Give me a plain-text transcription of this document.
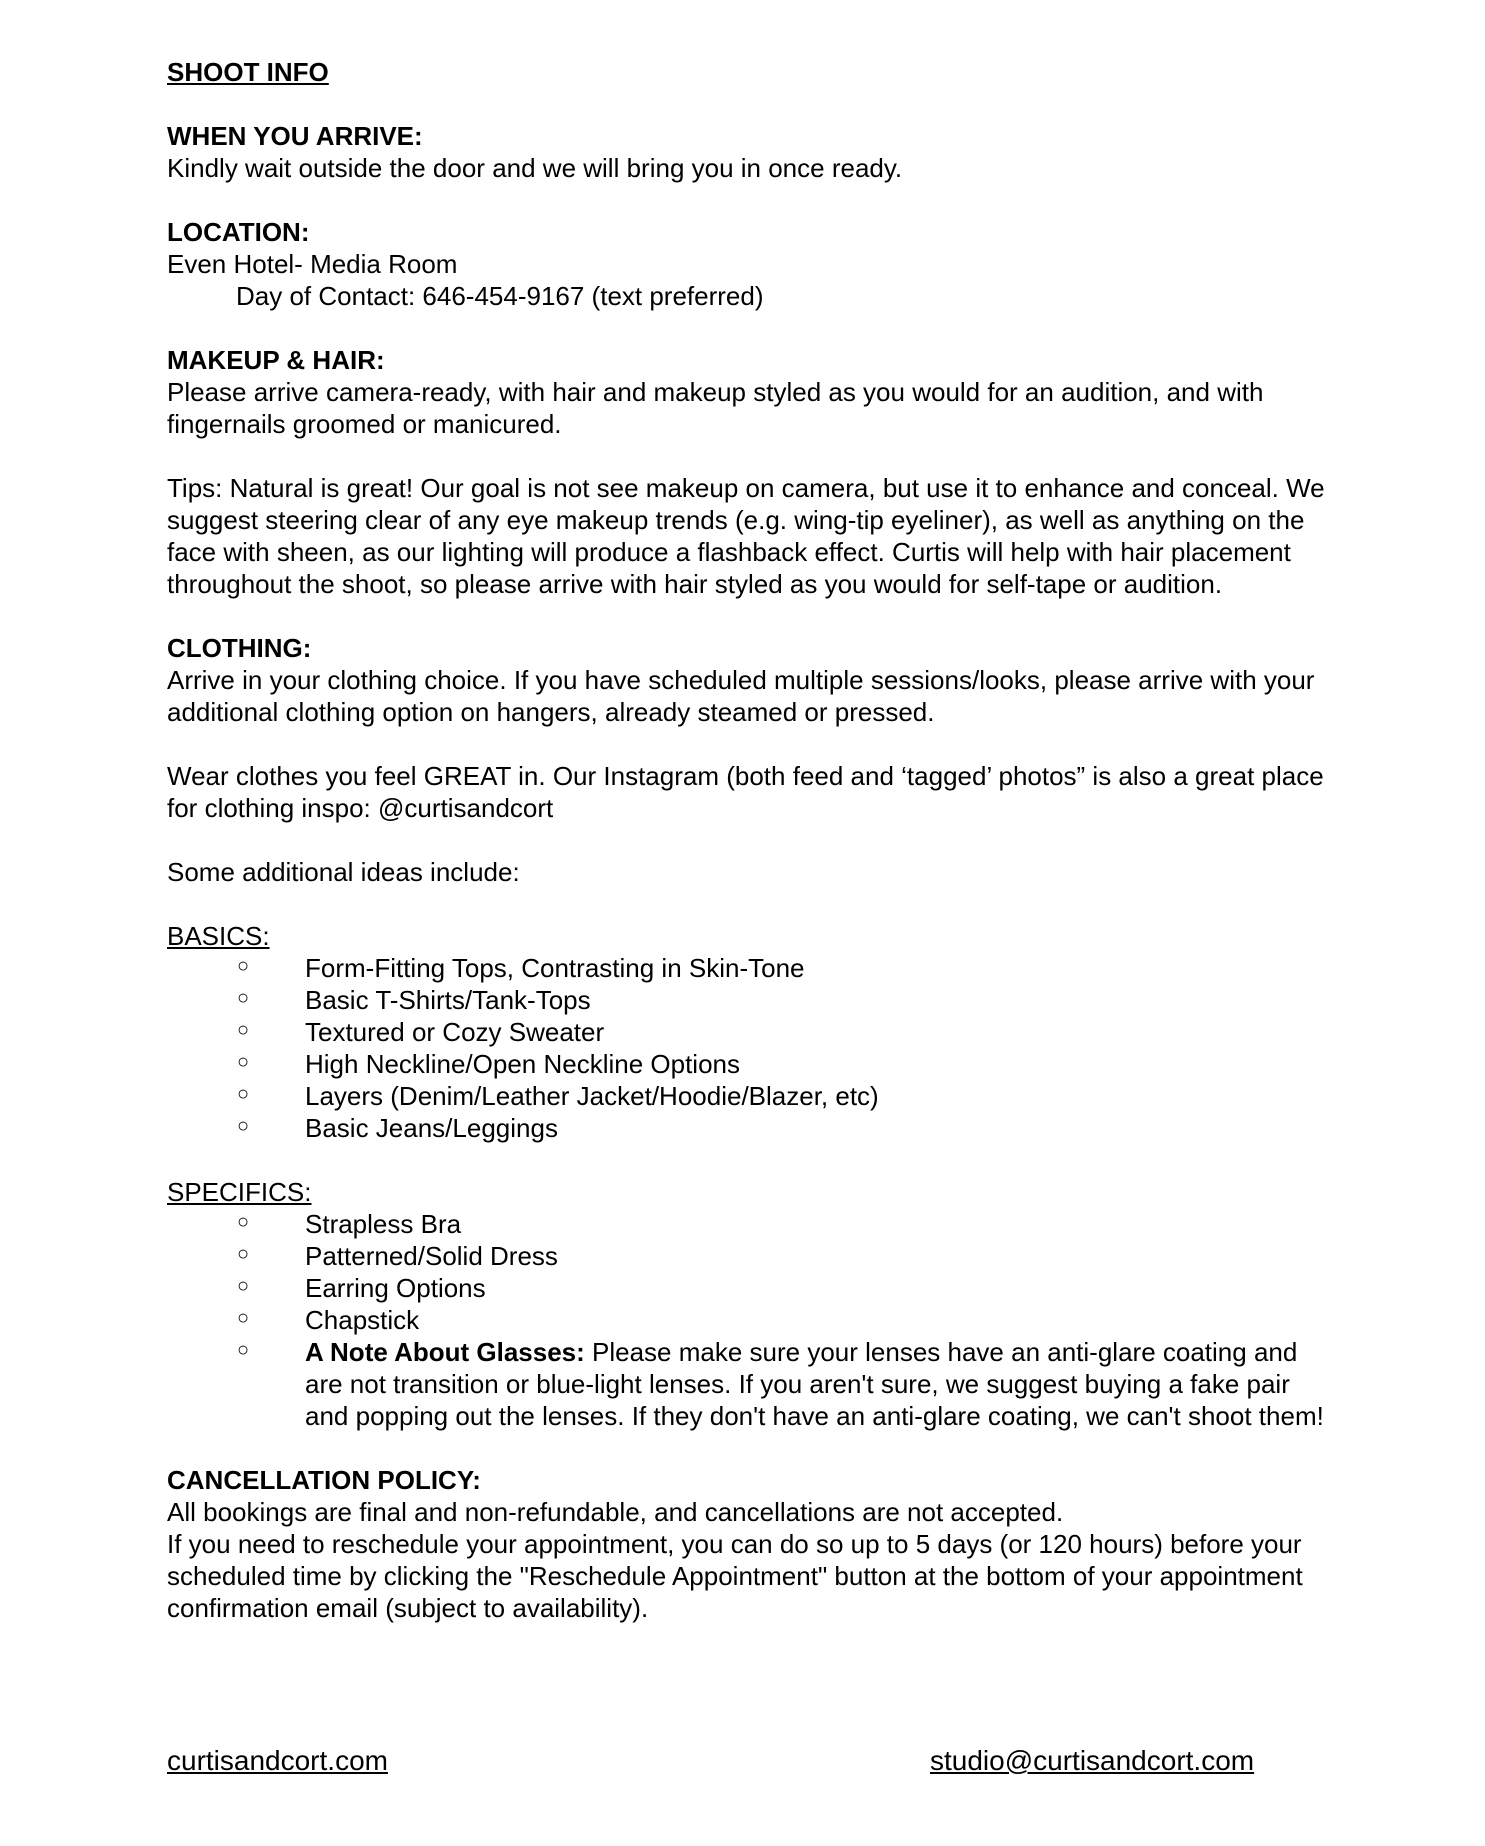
SHOOT INFO

WHEN YOU ARRIVE:

Kindly wait outside the door and we will bring you in once ready.

LOCATION:

Even Hotel- Media Room

Day of Contact: 646-454-9167 (text preferred)

MAKEUP & HAIR:

Please arrive camera-ready, with hair and makeup styled as you would for an audition, and with fingernails groomed or manicured.

Tips: Natural is great! Our goal is not see makeup on camera, but use it to enhance and conceal. We suggest steering clear of any eye makeup trends (e.g. wing-tip eyeliner), as well as anything on the face with sheen, as our lighting will produce a flashback effect. Curtis will help with hair placement throughout the shoot, so please arrive with hair styled as you would for self-tape or audition.

CLOTHING:

Arrive in your clothing choice. If you have scheduled multiple sessions/looks, please arrive with your additional clothing option on hangers, already steamed or pressed.

Wear clothes you feel GREAT in. Our Instagram (both feed and ‘tagged’ photos” is also a great place for clothing inspo: @curtisandcort

Some additional ideas include:

BASICS:

○ Form-Fitting Tops, Contrasting in Skin-Tone
○ Basic T-Shirts/Tank-Tops
○ Textured or Cozy Sweater
○ High Neckline/Open Neckline Options
○ Layers (Denim/Leather Jacket/Hoodie/Blazer, etc)
○ Basic Jeans/Leggings

SPECIFICS:

○ Strapless Bra
○ Patterned/Solid Dress
○ Earring Options
○ Chapstick
○ A Note About Glasses: Please make sure your lenses have an anti-glare coating and are not transition or blue-light lenses. If you aren't sure, we suggest buying a fake pair and popping out the lenses. If they don't have an anti-glare coating, we can't shoot them!

CANCELLATION POLICY:

All bookings are final and non-refundable, and cancellations are not accepted.

If you need to reschedule your appointment, you can do so up to 5 days (or 120 hours) before your scheduled time by clicking the "Reschedule Appointment" button at the bottom of your appointment confirmation email (subject to availability).

curtisandcort.com	studio@curtisandcort.com
